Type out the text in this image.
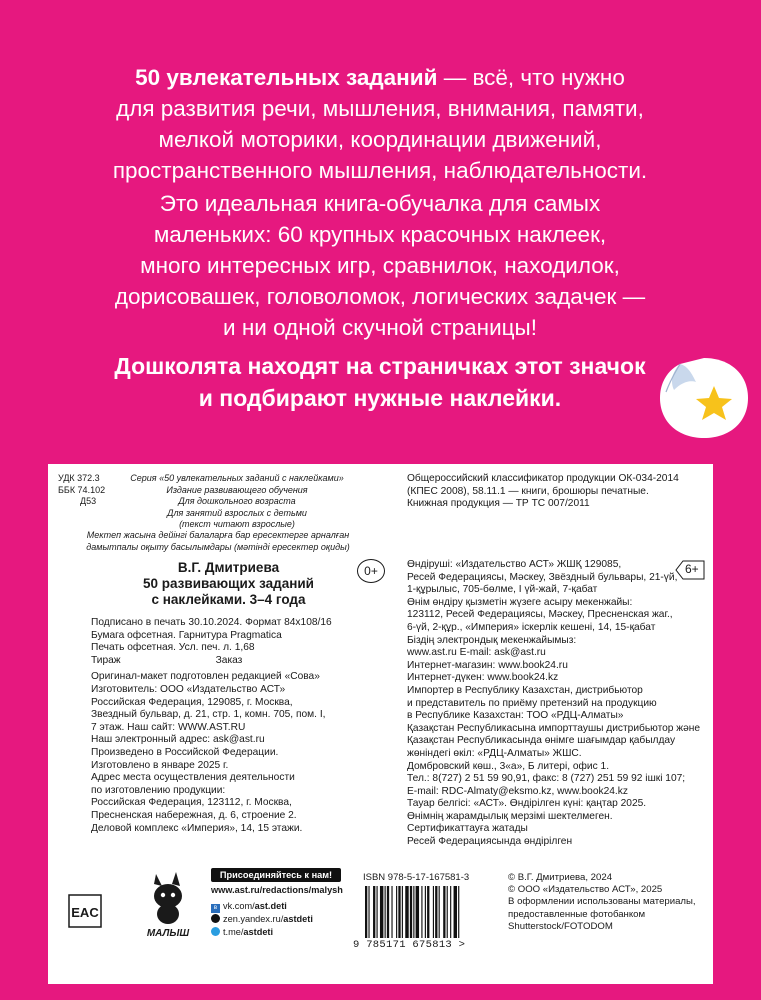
50 увлекательных заданий — всё, что нужно
для развития речи, мышления, внимания, памяти,
мелкой моторики, координации движений,
пространственного мышления, наблюдательности.
Это идеальная книга-обучалка для самых
маленьких: 60 крупных красочных наклеек,
много интересных игр, сравнилок, находилок,
дорисовашек, головоломок, логических задачек —
и ни одной скучной страницы!
Дошколята находят на страничках этот значок
и подбирают нужные наклейки.
УДК 372.3
ББК 74.102
Д53
Серия «50 увлекательных заданий с наклейками»
Издание развивающего обучения
Для дошкольного возраста
Для занятий взрослых с детьми
(текст читают взрослые)
Мектеп жасына дейінгі балаларға бар ересектерге арналған
дамытпалы оқыту басылымдары (мәтінді ересектер оқиды)
Общероссийский классификатор продукции ОК-034-2014
(КПЕС 2008), 58.11.1 — книги, брошюры печатные.
Книжная продукция — ТР ТС 007/2011
0+
В.Г. Дмитриева
50 развивающих заданий
с наклейками. 3–4 года
Подписано в печать 30.10.2024. Формат 84x108/16
Бумага офсетная. Гарнитура Pragmatica
Печать офсетная. Усл. печ. л. 1,68
Тираж	Заказ
Оригинал-макет подготовлен редакцией «Сова»
Изготовитель: ООО «Издательство АСТ»
Российская Федерация, 129085, г. Москва,
Звездный бульвар, д. 21, стр. 1, комн. 705, пом. I,
7 этаж. Наш сайт: WWW.AST.RU
Наш электронный адрес: ask@ast.ru
Произведено в Российской Федерации.
Изготовлено в январе 2025 г.
Адрес места осуществления деятельности
по изготовлению продукции:
Российская Федерация, 123112, г. Москва,
Пресненская набережная, д. 6, строение 2.
Деловой комплекс «Империя», 14, 15 этажи.
Өндіруші: «Издательство АСТ» ЖШҚ 129085,
Ресей Федерациясы, Мәскеу, Звёздный бульвары, 21-үй,
1-құрылыс, 705-бөлме, I үй-жай, 7-қабат
Өнім өндіру қызметін жүзеге асыру мекенжайы:
123112, Ресей Федерациясы, Мәскеу, Пресненская жаг.,
6-үй, 2-құр., «Империя» іскерлік кешені, 14, 15-қабат
Біздің электрондық мекенжайымыз:
www.ast.ru E-mail: ask@ast.ru
Интернет-магазин: www.book24.ru
Интернет-дүкен: www.book24.kz
Импортер в Республику Казахстан, дистрибьютор
и представитель по приёму претензий на продукцию
в Республике Казахстан: ТОО «РДЦ-Алматы»
Қазақстан Республикасына импорттаушы дистрибьютор және
Қазақстан Республикасында өнімге шағымдар қабылдау
жөніндегі өкіл: «РДЦ-Алматы» ЖШС.
Домбровский көш., 3«а», Б литері, офис 1.
Тел.: 8(727) 2 51 59 90,91, факс: 8 (727) 251 59 92 ішкі 107;
E-mail: RDC-Almaty@eksmo.kz, www.book24.kz
Тауар белгісі: «АСТ». Өндірілген күні: қаңтар 2025.
Өнімнің жарамдылық мерзімі шектелмеген.
Сертификаттауға жатады
Ресей Федерациясында өндірілген
6+
EAC
МАЛЫШ
Присоединяйтесь к нам!
www.ast.ru/redactions/malysh
в vk.com/ast.deti
zen.yandex.ru/astdeti
t.me/astdeti
ISBN 978-5-17-167581-3
9 785171 675813 >
© В.Г. Дмитриева, 2024
© ООО «Издательство АСТ», 2025
В оформлении использованы материалы,
предоставленные фотобанком
Shutterstock/FOTODOM
